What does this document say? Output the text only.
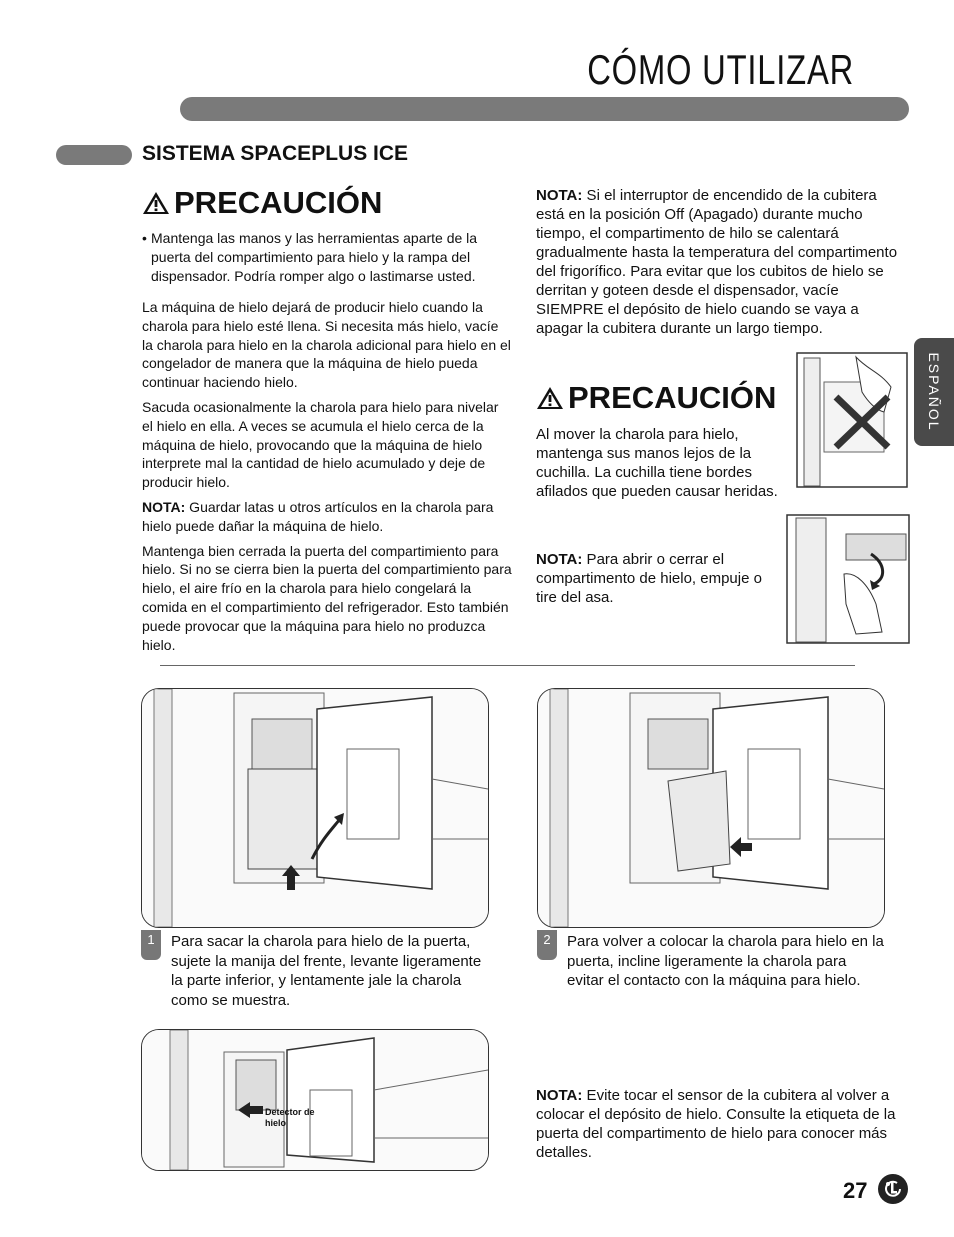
CÓMO UTILIZAR
SISTEMA SPACEPLUS ICE
ESPAÑOL
PRECAUCIÓN
• Mantenga las manos y las herramientas aparte de la puerta del compartimiento para hielo y la rampa del dispensador. Podría romper algo o lastimarse usted.

La máquina de hielo dejará de producir hielo cuando la charola para hielo esté llena. Si necesita más hielo, vacíe la charola para hielo en la charola adicional para hielo en el congelador de manera que la máquina de hielo pueda continuar haciendo hielo.

Sacuda ocasionalmente la charola para hielo para nivelar el hielo en ella. A veces se acumula el hielo cerca de la máquina de hielo, provocando que la máquina de hielo interprete mal la cantidad de hielo acumulado y deje de producir hielo.

NOTA: Guardar latas u otros artículos en la charola para hielo puede dañar la máquina de hielo.

Mantenga bien cerrada la puerta del compartimiento para hielo. Si no se cierra bien la puerta del compartimiento para hielo, el aire frío en la charola para hielo congelará la comida en el compartimiento del refrigerador. Esto también puede provocar que la máquina para hielo no produzca hielo.

NOTA: Si el interruptor de encendido de la cubitera está en la posición Off (Apagado) durante mucho tiempo, el compartimento de hilo se calentará gradualmente hasta la temperatura del compartimento del frigorífico. Para evitar que los cubitos de hielo se derritan y goteen desde el dispensador, vacíe SIEMPRE el depósito de hielo cuando se vaya a apagar la cubitera durante un largo tiempo.
PRECAUCIÓN
Al mover la charola para hielo, mantenga sus manos lejos de la cuchilla. La cuchilla tiene bordes afilados que pueden causar heridas.
NOTA: Para abrir o cerrar el compartimento de hielo, empuje o tire del asa.
1	Para sacar la charola para hielo de la puerta, sujete la manija del frente, levante ligeramente la parte inferior, y lentamente jale la charola como se muestra.
2	Para volver a colocar la charola para hielo en la puerta, incline ligeramente la charola para evitar el contacto con la máquina para hielo.
Detector de
hielo
NOTA: Evite tocar el sensor de la cubitera al volver a colocar el depósito de hielo. Consulte la etiqueta de la puerta del compartimento de hielo para conocer más detalles.
27
